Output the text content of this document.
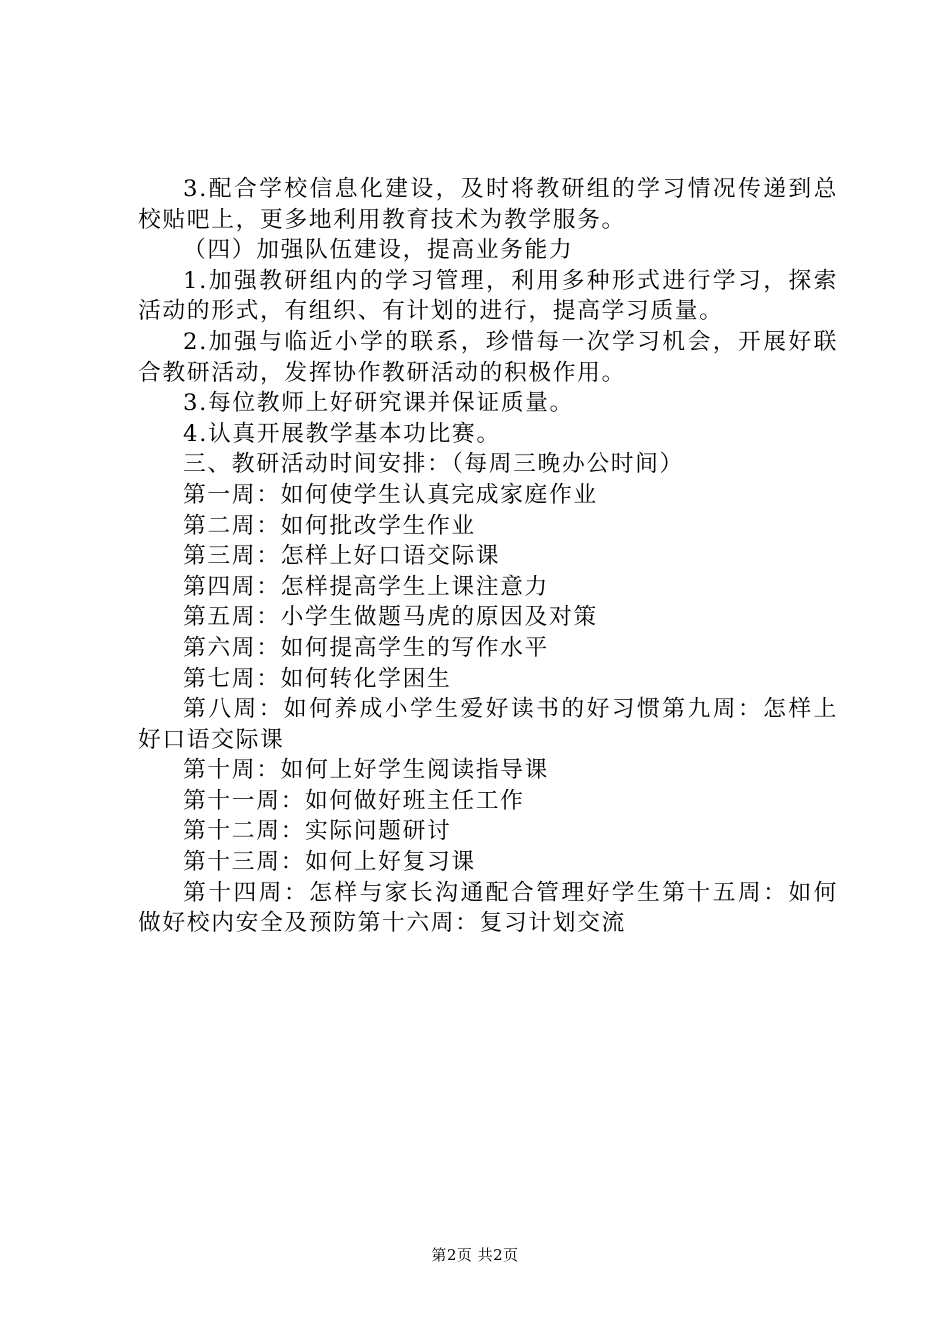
3.配合学校信息化建设，及时将教研组的学习情况传递到总校贴吧上，更多地利用教育技术为教学服务。

（四）加强队伍建设，提高业务能力

1.加强教研组内的学习管理，利用多种形式进行学习，探索活动的形式，有组织、有计划的进行，提高学习质量。

2.加强与临近小学的联系，珍惜每一次学习机会，开展好联合教研活动，发挥协作教研活动的积极作用。

3.每位教师上好研究课并保证质量。

4.认真开展教学基本功比赛。

三、教研活动时间安排：（每周三晚办公时间）

第一周：如何使学生认真完成家庭作业

第二周：如何批改学生作业

第三周：怎样上好口语交际课

第四周：怎样提高学生上课注意力

第五周：小学生做题马虎的原因及对策

第六周：如何提高学生的写作水平

第七周：如何转化学困生

第八周：如何养成小学生爱好读书的好习惯第九周：怎样上好口语交际课

第十周：如何上好学生阅读指导课

第十一周：如何做好班主任工作

第十二周：实际问题研讨

第十三周：如何上好复习课

第十四周：怎样与家长沟通配合管理好学生第十五周：如何做好校内安全及预防第十六周：复习计划交流

第2页 共2页
